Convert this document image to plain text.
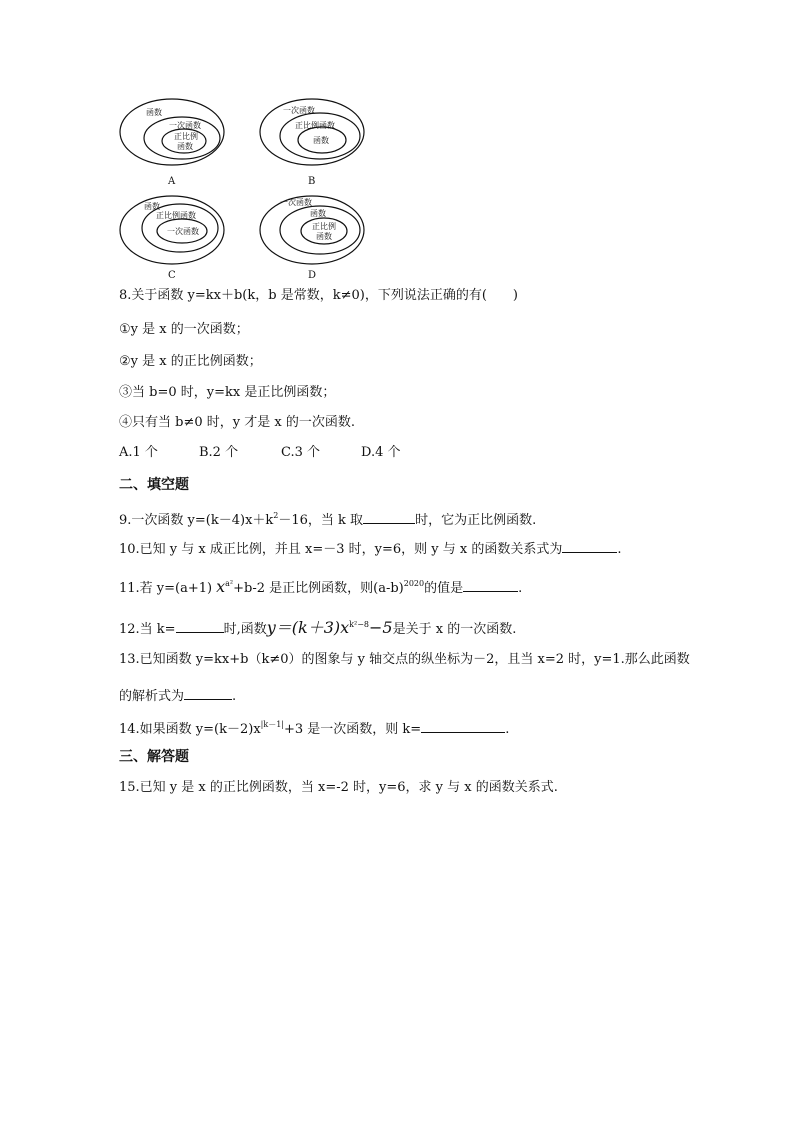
函数
一次函数
正比例
函数
A
一次函数
正比例函数
函数
B
函数
正比例函数
一次函数
C
一次函数
函数
正比例
函数
D
8.关于函数 y=kx＋b(k，b 是常数，k≠0)，下列说法正确的有(　　)
①y 是 x 的一次函数；
②y 是 x 的正比例函数；
③当 b=0 时，y=kx 是正比例函数；
④只有当 b≠0 时，y 才是 x 的一次函数.
A.1 个	B.2 个	C.3 个	D.4 个
二、填空题
9.一次函数 $y=(k-4)x+k^2-16$，当 k 取	时，它为正比例函数.
10.已知 y 与 x 成正比例，并且 x=－3 时，y=6，则 y 与 x 的函数关系式为	.
11.若 y=(a+1) $x^{a^2}+b-2$ 是正比例函数，则$(a-b)^{2020}$的值是	.
12.当 k=	时,函数$y=(k+3)x^{k^2-8}-5$是关于 x 的一次函数.
13.已知函数 y=kx+b（k≠0）的图象与 y 轴交点的纵坐标为－2，且当 x=2 时，y=1.那么此函数
的解析式为	.
14.如果函数 $y=(k-2)x^{|k-1|}+3$ 是一次函数，则 k=	.
三、解答题
15.已知 y 是 x 的正比例函数，当 x=-2 时，y=6，求 y 与 x 的函数关系式.
